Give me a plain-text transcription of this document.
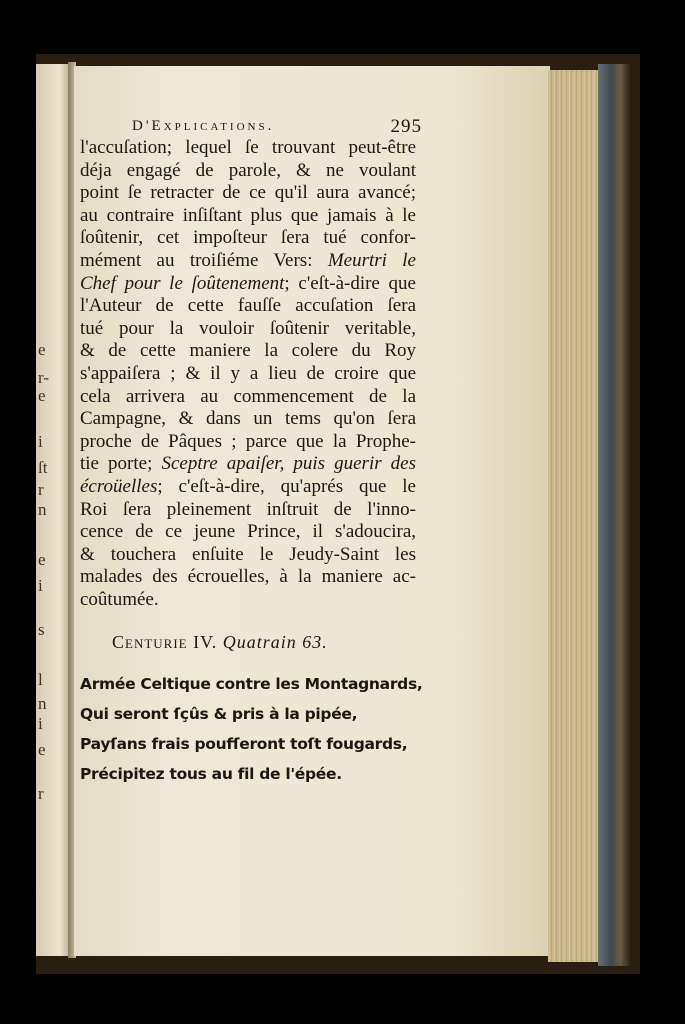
e
r-
e
i
ſt
r
n
e
i
s
l
n
i
e
r
D'Explications.	295
l'accuſation; lequel ſe trouvant peut-être
déja engagé de parole, & ne voulant
point ſe retracter de ce qu'il aura avancé;
au contraire inſiſtant plus que jamais à le
ſoûtenir, cet impoſteur ſera tué confor-
mément au troiſiéme Vers: Meurtri le
Chef pour le ſoûtenement; c'eſt-à-dire que
l'Auteur de cette fauſſe accuſation ſera
tué pour la vouloir ſoûtenir veritable,
& de cette maniere la colere du Roy
s'appaiſera ; & il y a lieu de croire que
cela arrivera au commencement de la
Campagne, & dans un tems qu'on ſera
proche de Pâques ; parce que la Prophe-
tie porte; Sceptre apaiſer, puis guerir des
écroüelles; c'eſt-à-dire, qu'aprés que le
Roi ſera pleinement inſtruit de l'inno-
cence de ce jeune Prince, il s'adoucira,
& touchera enſuite le Jeudy-Saint les
malades des écrouelles, à la maniere ac-
coûtumée.
Centurie IV. Quatrain 63.
Armée Celtique contre les Montagnards,
Qui seront ſçûs & pris à la pipée,
Payſans frais poufſeront toſt fougards,
Précipitez tous au fil de l'épée.
